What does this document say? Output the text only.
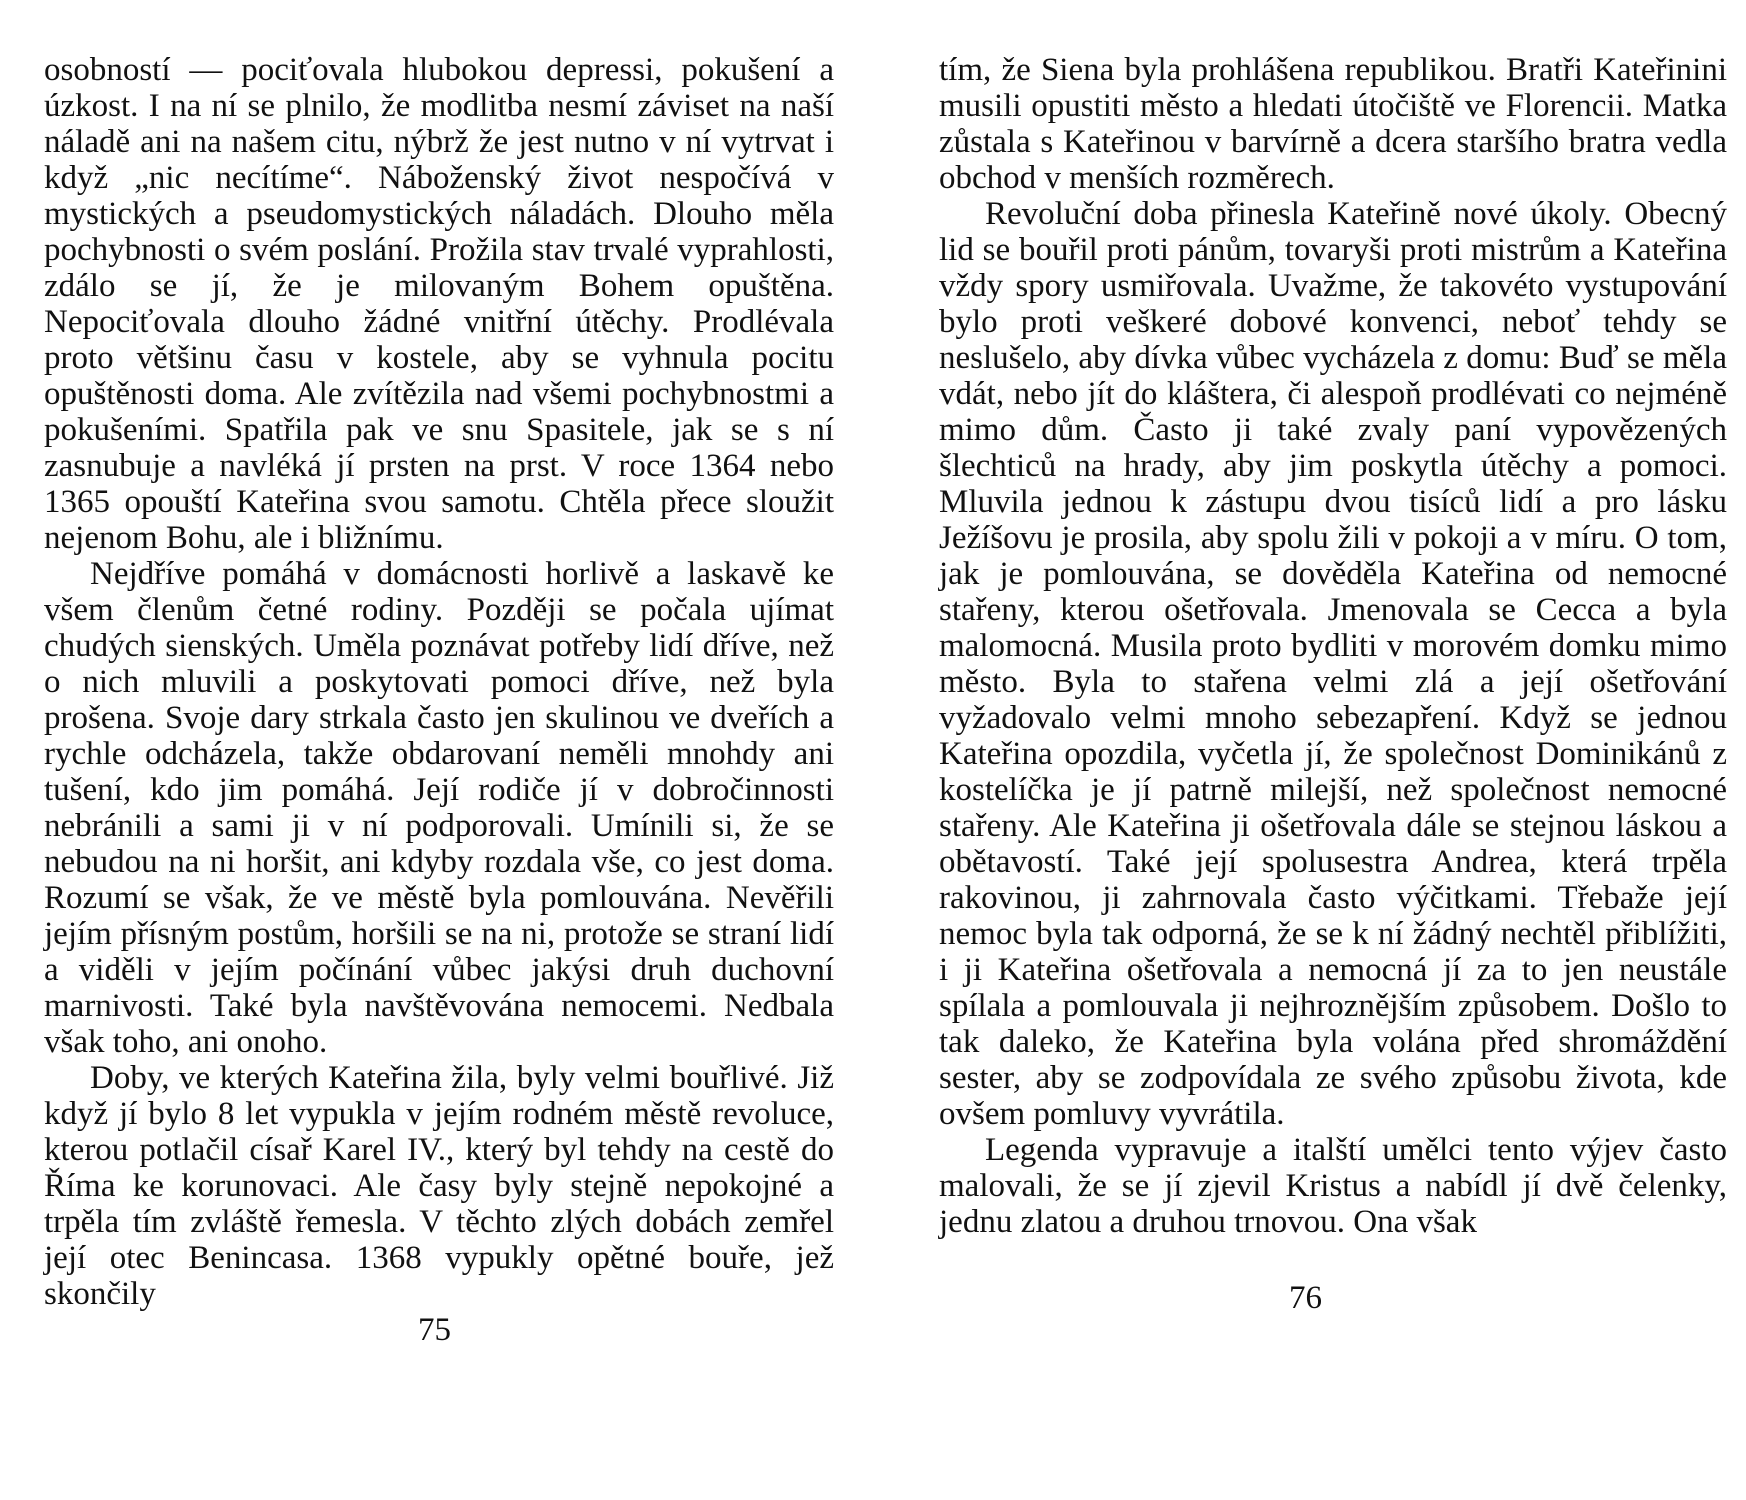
osobností — pociťovala hlubokou depressi, pokušení a úzkost. I na ní se plnilo, že modlitba nesmí záviset na naší náladě ani na našem citu, nýbrž že jest nutno v ní vytrvat i když „nic necítíme“. Náboženský život nespočívá v mystických a pseudomystických náladách. Dlouho měla pochybnosti o svém poslání. Prožila stav trvalé vyprahlosti, zdálo se jí, že je milovaným Bohem opuštěna. Nepociťovala dlouho žádné vnitřní útěchy. Prodlévala proto většinu času v kostele, aby se vyhnula pocitu opuštěnosti doma. Ale zvítězila nad všemi pochybnostmi a pokušeními. Spatřila pak ve snu Spasitele, jak se s ní zasnubuje a navléká jí prsten na prst. V roce 1364 nebo 1365 opouští Kateřina svou samotu. Chtěla přece sloužit nejenom Bohu, ale i bližnímu.

Nejdříve pomáhá v domácnosti horlivě a laskavě ke všem členům četné rodiny. Později se počala ujímat chudých sienských. Uměla poznávat potřeby lidí dříve, než o nich mluvili a poskytovati pomoci dříve, než byla prošena. Svoje dary strkala často jen skulinou ve dveřích a rychle odcházela, takže obdarovaní neměli mnohdy ani tušení, kdo jim pomáhá. Její rodiče jí v dobročinnosti nebránili a sami ji v ní podporovali. Umínili si, že se nebudou na ni horšit, ani kdyby rozdala vše, co jest doma. Rozumí se však, že ve městě byla pomlouvána. Nevěřili jejím přísným postům, horšili se na ni, protože se straní lidí a viděli v jejím počínání vůbec jakýsi druh duchovní marnivosti. Také byla navštěvována nemocemi. Nedbala však toho, ani onoho.

Doby, ve kterých Kateřina žila, byly velmi bouřlivé. Již když jí bylo 8 let vypukla v jejím rodném městě revoluce, kterou potlačil císař Karel IV., který byl tehdy na cestě do Říma ke korunovaci. Ale časy byly stejně nepokojné a trpěla tím zvláště řemesla. V těchto zlých dobách zemřel její otec Benincasa. 1368 vypukly opětné bouře, jež skončily

75

tím, že Siena byla prohlášena republikou. Bratři Kateřinini musili opustiti město a hledati útočiště ve Florencii. Matka zůstala s Kateřinou v barvírně a dcera staršího bratra vedla obchod v menších rozměrech.

Revoluční doba přinesla Kateřině nové úkoly. Obecný lid se bouřil proti pánům, tovaryši proti mistrům a Kateřina vždy spory usmiřovala. Uvažme, že takovéto vystupování bylo proti veškeré dobové konvenci, neboť tehdy se neslušelo, aby dívka vůbec vycházela z domu: Buď se měla vdát, nebo jít do kláštera, či alespoň prodlévati co nejméně mimo dům. Často ji také zvaly paní vypovězených šlechticů na hrady, aby jim poskytla útěchy a pomoci. Mluvila jednou k zástupu dvou tisíců lidí a pro lásku Ježíšovu je prosila, aby spolu žili v pokoji a v míru. O tom, jak je pomlouvána, se dověděla Kateřina od nemocné stařeny, kterou ošetřovala. Jmenovala se Cecca a byla malomocná. Musila proto bydliti v morovém domku mimo město. Byla to stařena velmi zlá a její ošetřování vyžadovalo velmi mnoho sebezapření. Když se jednou Kateřina opozdila, vyčetla jí, že společnost Dominikánů z kostelíčka je jí patrně milejší, než společnost nemocné stařeny. Ale Kateřina ji ošetřovala dále se stejnou láskou a obětavostí. Také její spolusestra Andrea, která trpěla rakovinou, ji zahrnovala často výčitkami. Třebaže její nemoc byla tak odporná, že se k ní žádný nechtěl přiblížiti, i ji Kateřina ošetřovala a nemocná jí za to jen neustále spílala a pomlouvala ji nejhroznějším způsobem. Došlo to tak daleko, že Kateřina byla volána před shromáždění sester, aby se zodpovídala ze svého způsobu života, kde ovšem pomluvy vyvrátila.

Legenda vypravuje a italští umělci tento výjev často malovali, že se jí zjevil Kristus a nabídl jí dvě čelenky, jednu zlatou a druhou trnovou. Ona však

76
